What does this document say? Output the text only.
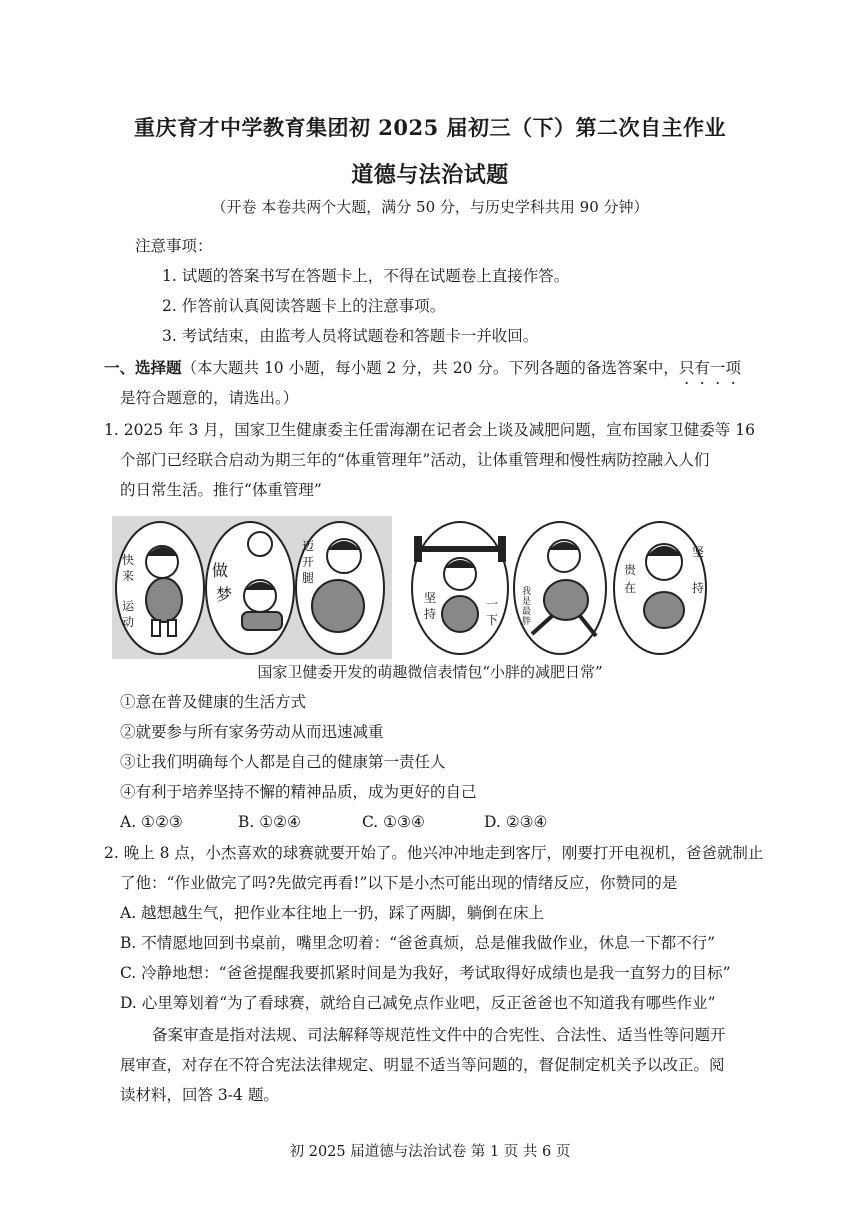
重庆育才中学教育集团初 2025 届初三（下）第二次自主作业
道德与法治试题
（开卷 本卷共两个大题，满分 50 分，与历史学科共用 90 分钟）
注意事项：
1. 试题的答案书写在答题卡上，不得在试题卷上直接作答。
2. 作答前认真阅读答题卡上的注意事项。
3. 考试结束，由监考人员将试题卷和答题卡一并收回。
一、选择题（本大题共 10 小题，每小题 2 分，共 20 分。下列各题的备选答案中，只有一项
是符合题意的，请选出。）
1. 2025 年 3 月，国家卫生健康委主任雷海潮在记者会上谈及减肥问题，宣布国家卫健委等 16
个部门已经联合启动为期三年的“体重管理年”活动，让体重管理和慢性病防控融入人们
的日常生活。推行“体重管理”
快
来
运
动
做
梦
迈
开
腿
坚
持
一
下
我
是
最
胖
贵
在
坚
持
国家卫健委开发的萌趣微信表情包“小胖的减肥日常”
①意在普及健康的生活方式
②就要参与所有家务劳动从而迅速减重
③让我们明确每个人都是自己的健康第一责任人
④有利于培养坚持不懈的精神品质，成为更好的自己
A. ①②③	B. ①②④	C. ①③④	D. ②③④
2. 晚上 8 点，小杰喜欢的球赛就要开始了。他兴冲冲地走到客厅，刚要打开电视机，爸爸就制止
了他：“作业做完了吗?先做完再看!”以下是小杰可能出现的情绪反应，你赞同的是
A. 越想越生气，把作业本往地上一扔，踩了两脚，躺倒在床上
B. 不情愿地回到书桌前，嘴里念叨着：“爸爸真烦，总是催我做作业，休息一下都不行”
C. 冷静地想：“爸爸提醒我要抓紧时间是为我好，考试取得好成绩也是我一直努力的目标”
D. 心里筹划着“为了看球赛，就给自己减免点作业吧，反正爸爸也不知道我有哪些作业”
备案审查是指对法规、司法解释等规范性文件中的合宪性、合法性、适当性等问题开
展审查，对存在不符合宪法法律规定、明显不适当等问题的，督促制定机关予以改正。阅
读材料，回答 3-4 题。
初 2025 届道德与法治试卷 第 1 页 共 6 页
